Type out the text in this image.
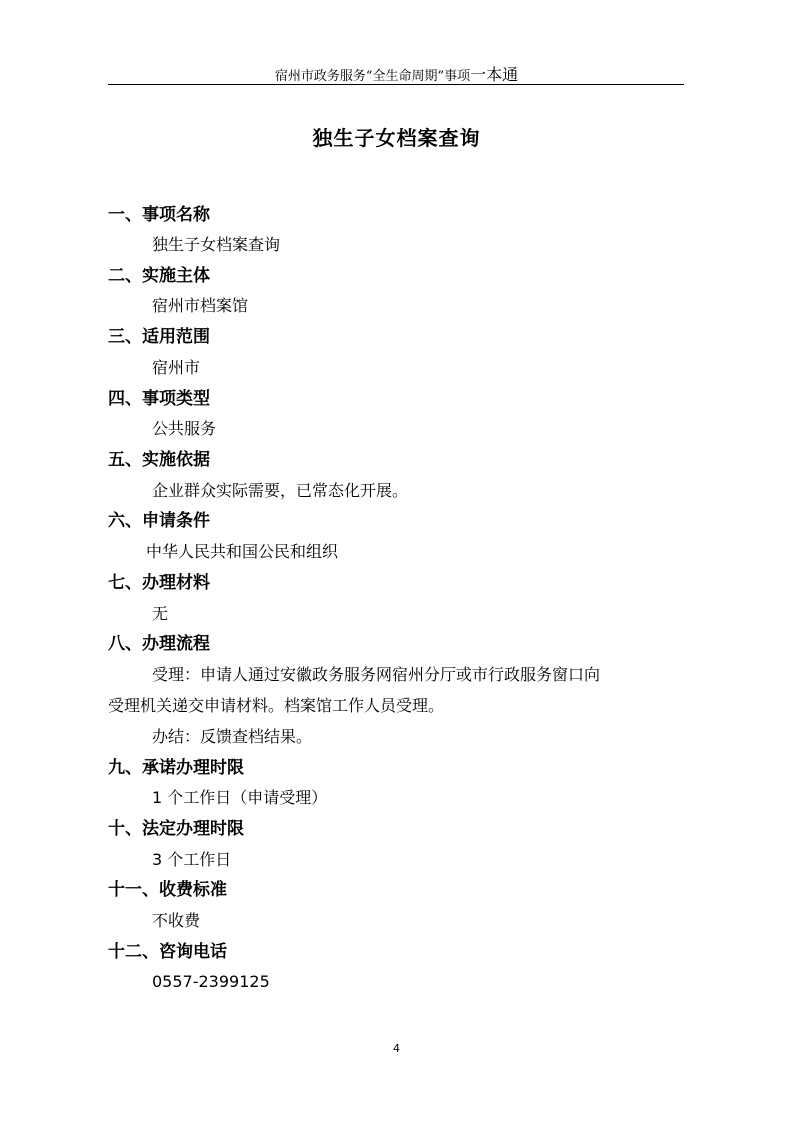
宿州市政务服务“全生命周期”事项一本通
独生子女档案查询
一、事项名称
独生子女档案查询
二、实施主体
宿州市档案馆
三、适用范围
宿州市
四、事项类型
公共服务
五、实施依据
企业群众实际需要，已常态化开展。
六、申请条件
中华人民共和国公民和组织
七、办理材料
无
八、办理流程
受理：申请人通过安徽政务服务网宿州分厅或市行政服务窗口向
受理机关递交申请材料。档案馆工作人员受理。
办结：反馈查档结果。
九、承诺办理时限
1 个工作日（申请受理）
十、法定办理时限
3 个工作日
十一、收费标准
不收费
十二、咨询电话
0557-2399125
4
